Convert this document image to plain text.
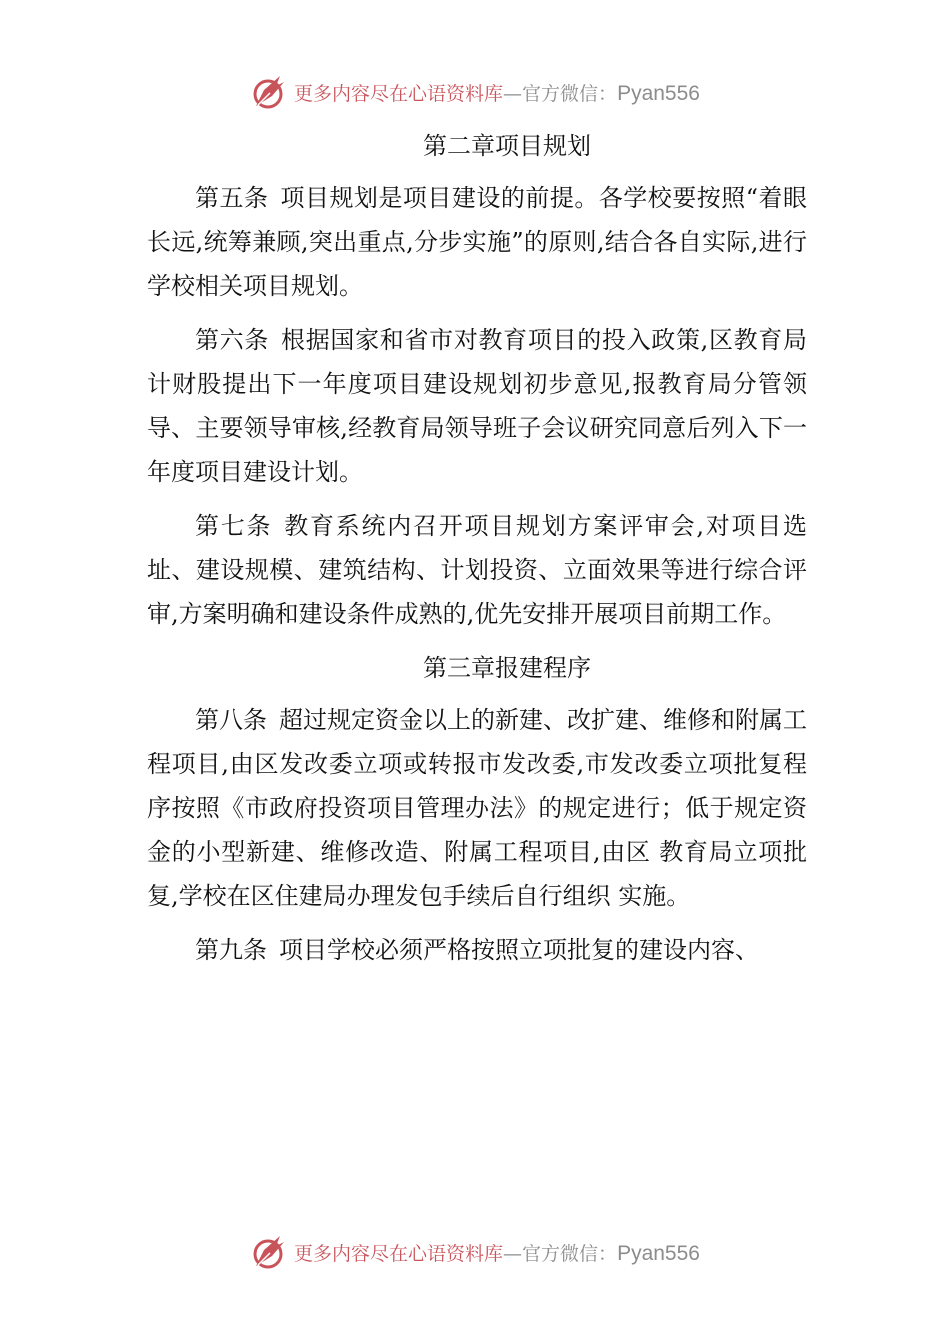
更多内容尽在心语资料库—官方微信：Pyan556
第二章项目规划

第五条 项目规划是项目建设的前提。各学校要按照“着眼长远,统筹兼顾,突出重点,分步实施”的原则,结合各自实际,进行学校相关项目规划。

第六条 根据国家和省市对教育项目的投入政策,区教育局计财股提出下一年度项目建设规划初步意见,报教育局分管领导、主要领导审核,经教育局领导班子会议研究同意后列入下一年度项目建设计划。

第七条 教育系统内召开项目规划方案评审会,对项目选址、建设规模、建筑结构、计划投资、立面效果等进行综合评审,方案明确和建设条件成熟的,优先安排开展项目前期工作。

第三章报建程序

第八条 超过规定资金以上的新建、改扩建、维修和附属工程项目,由区发改委立项或转报市发改委,市发改委立项批复程序按照《市政府投资项目管理办法》的规定进行；低于规定资金的小型新建、维修改造、附属工程项目,由区 教育局立项批复,学校在区住建局办理发包手续后自行组织 实施。

第九条 项目学校必须严格按照立项批复的建设内容、

更多内容尽在心语资料库—官方微信：Pyan556
